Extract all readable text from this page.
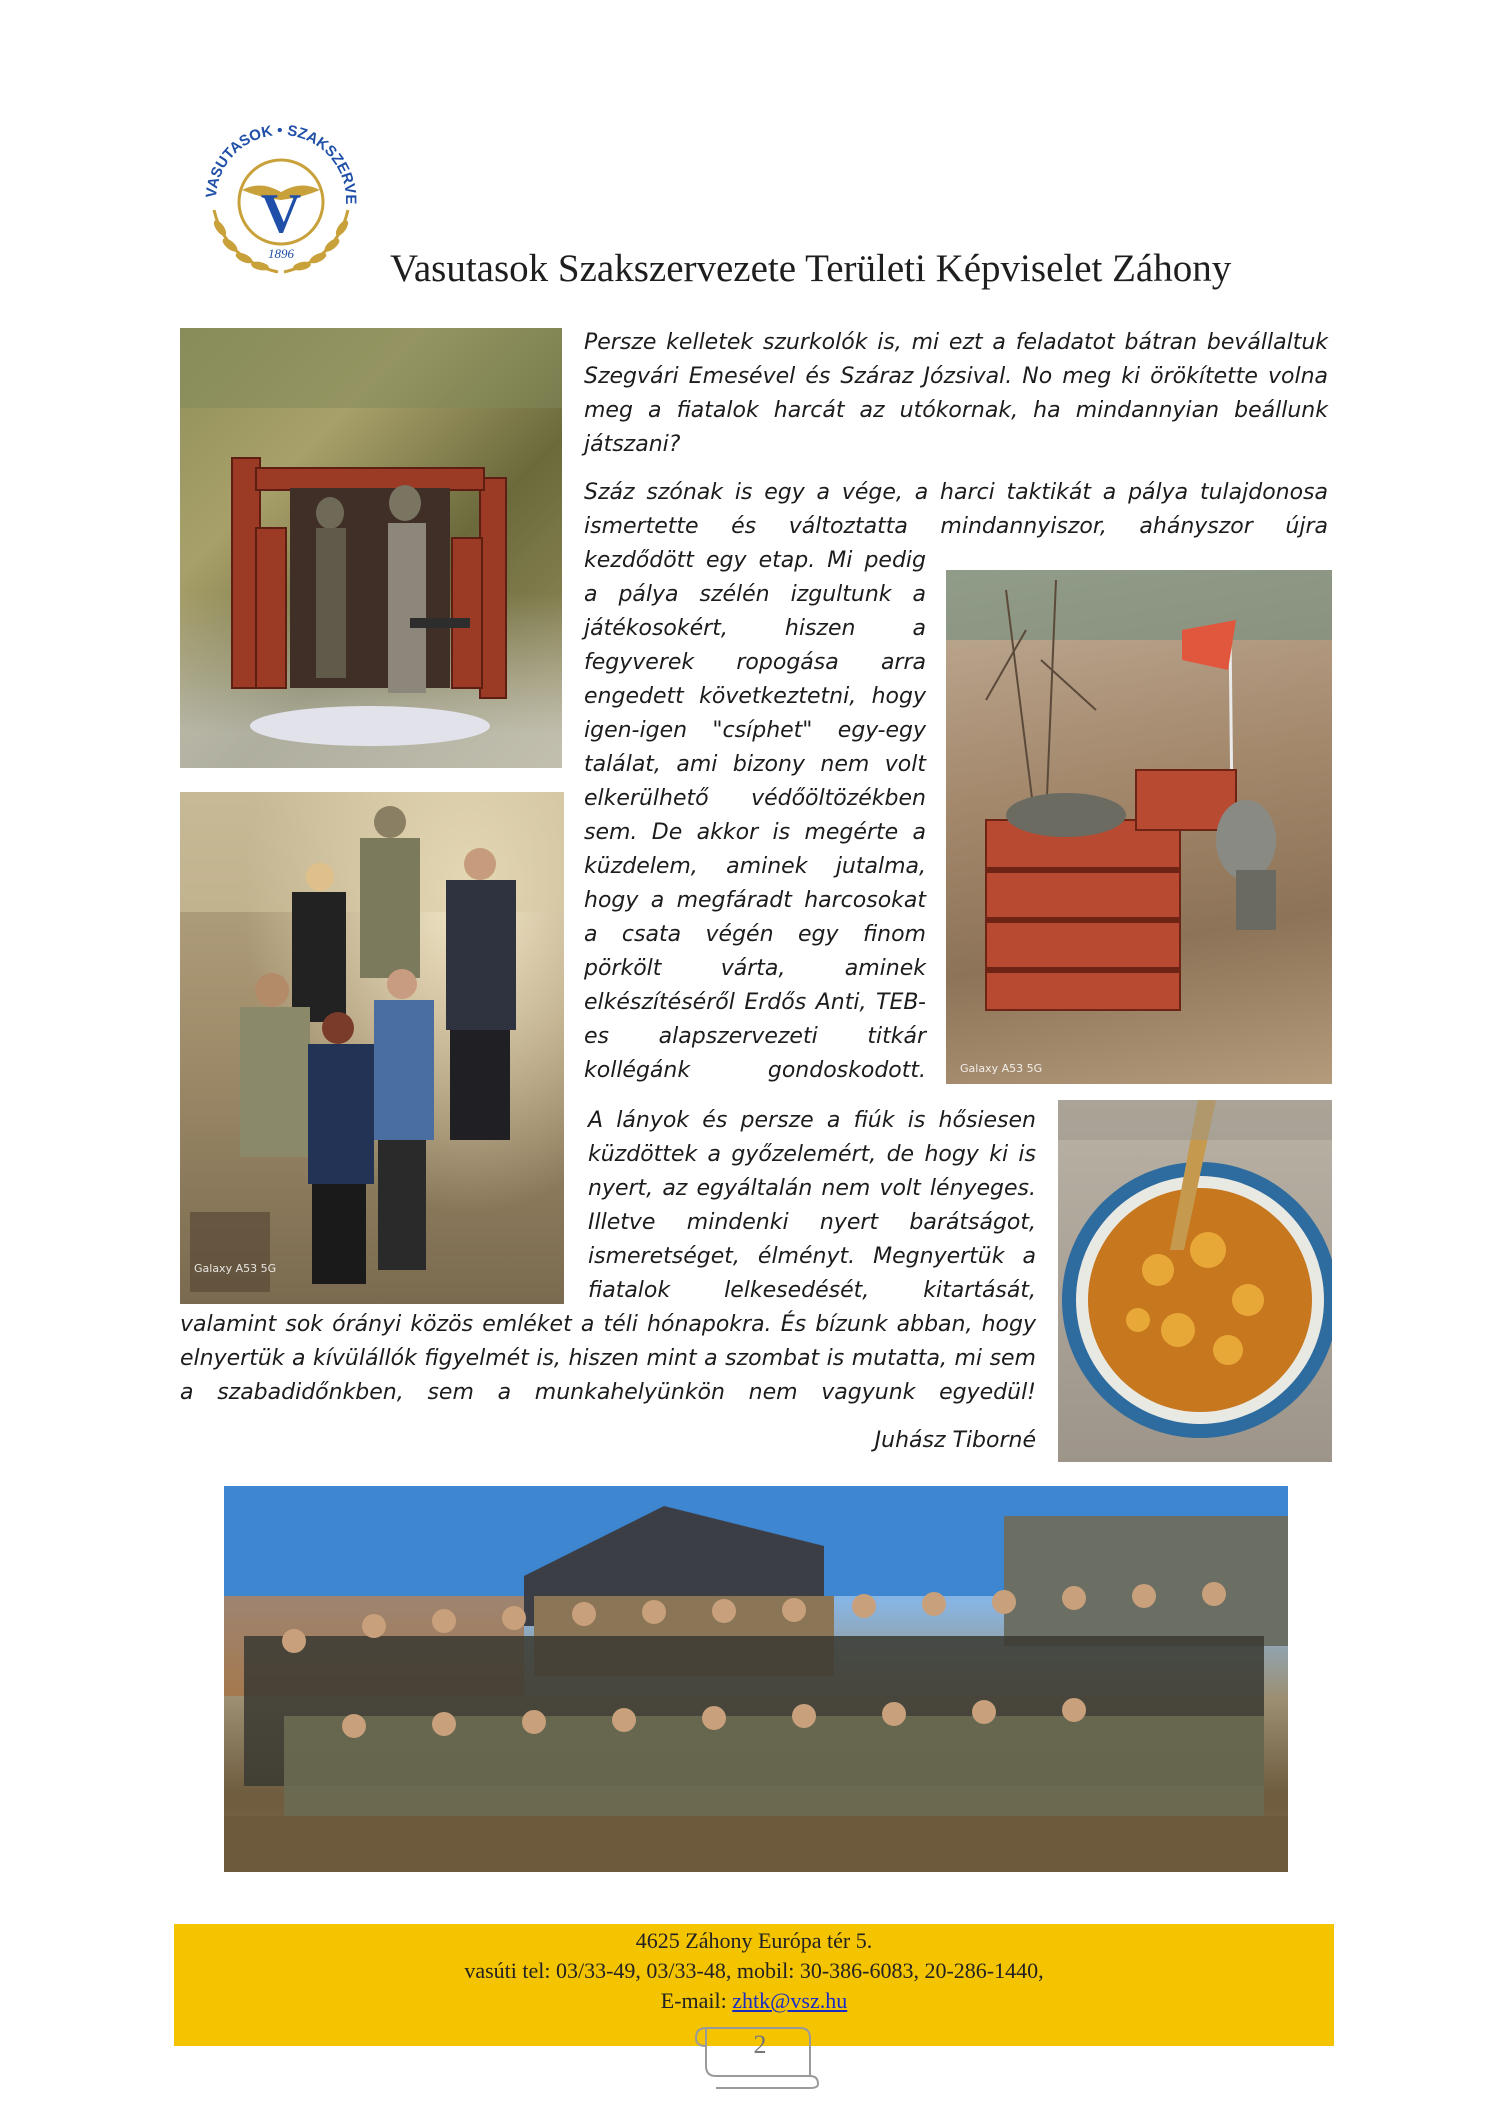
VASUTASOK • SZAKSZERVE
V
1896 Vasutasok Szakszervezete Területi Képviselet Záhony
Galaxy A53 5G
Galaxy A53 5G
Persze kelletek szurkolók is, mi ezt a feladatot bátran bevállaltuk Szegvári Emesével és Száraz Józsival. No meg ki örökítette volna meg a fiatalok harcát az utókornak, ha mindannyian beállunk játszani?
Száz szónak is egy a vége, a harci taktikát a pálya tulajdonosa ismertette és változtatta mindannyiszor, ahányszor újra
kezdődött egy etap. Mi pedig a pálya szélén izgultunk a játékosokért, hiszen a fegyverek ropogása arra engedett következtetni, hogy igen-igen "csíphet" egy-egy találat, ami bizony nem volt elkerülhető védőöltözékben sem. De akkor is megérte a küzdelem, aminek jutalma, hogy a megfáradt harcosokat a csata végén egy finom pörkölt várta, aminek elkészítéséről Erdős Anti, TEB-es alapszervezeti titkár kollégánk gondoskodott.
A lányok és persze a fiúk is hősiesen küzdöttek a győzelemért, de hogy ki is nyert, az egyáltalán nem volt lényeges. Illetve mindenki nyert barátságot, ismeretséget, élményt. Megnyertük a fiatalok lelkesedését, kitartását,
valamint sok órányi közös emléket a téli hónapokra. És bízunk abban, hogy elnyertük a kívülállók figyelmét is, hiszen mint a szombat is mutatta, mi sem a szabadidőnkben, sem a munkahelyünkön nem vagyunk egyedül!
Juhász Tiborné
4625 Záhony Európa tér 5.
vasúti tel: 03/33-49, 03/33-48, mobil: 30-386-6083, 20-286-1440,
E-mail: zhtk@vsz.hu
2
